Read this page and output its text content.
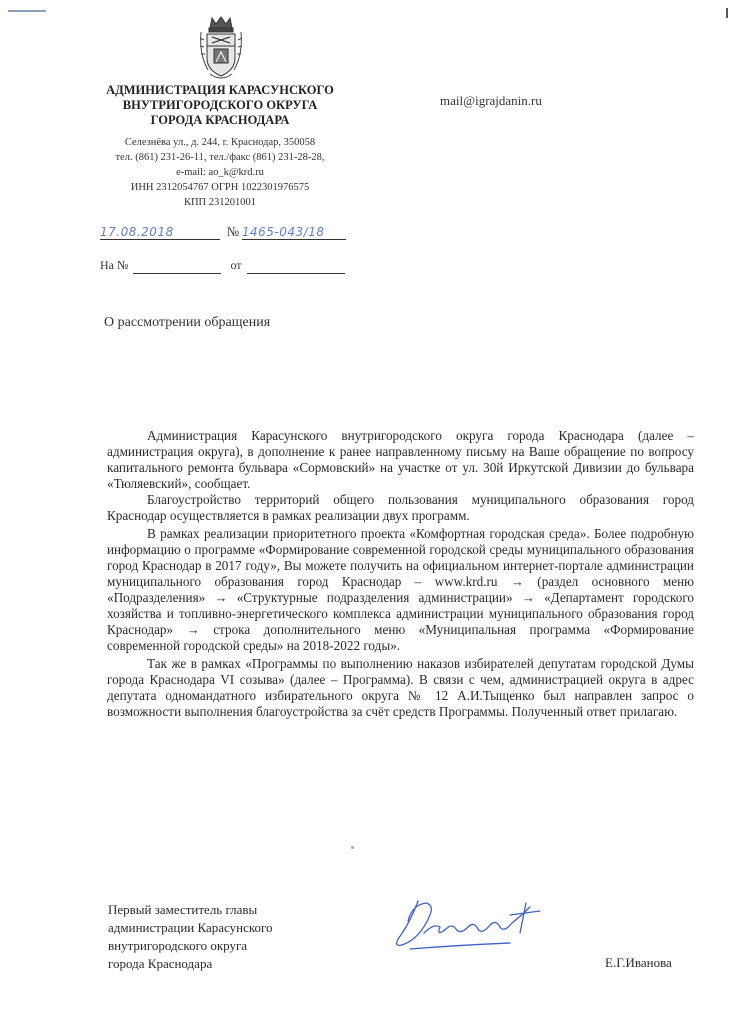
АДМИНИСТРАЦИЯ КАРАСУНСКОГО
ВНУТРИГОРОДСКОГО ОКРУГА
ГОРОДА КРАСНОДАРА
Селезнёва ул., д. 244, г. Краснодар, 350058
тел. (861) 231-26-11, тел./факс (861) 231-28-28,
e-mail: ao_k@krd.ru
ИНН 2312054767 ОГРН 1022301976575
КПП 231201001
mail@igrajdanin.ru
17.08.2018	№ 1465-043/18
На №	от
О рассмотрении обращения

Администрация Карасунского внутригородского округа города Краснодара (далее – администрация округа), в дополнение к ранее направленному письму на Ваше обращение по вопросу капитального ремонта бульвара «Сормовский» на участке от ул. 30й Иркутской Дивизии до бульвара «Тюляевский», сообщает.

Благоустройство территорий общего пользования муниципального образования город Краснодар осуществляется в рамках реализации двух программ.

В рамках реализации приоритетного проекта «Комфортная городская среда». Более подробную информацию о программе «Формирование современной городской среды муниципального образования город Краснодар в 2017 году», Вы можете получить на официальном интернет-портале администрации муниципального образования город Краснодар – www.krd.ru → (раздел основного меню «Подразделения» → «Структурные подразделения администрации» → «Департамент городского хозяйства и топливно-энергетического комплекса администрации муниципального образования город Краснодар» → строка дополнительного меню «Муниципальная программа «Формирование современной городской среды» на 2018-2022 годы».

Так же в рамках «Программы по выполнению наказов избирателей депутатам городской Думы города Краснодара VI созыва» (далее – Программа). В связи с чем, администрацией округа в адрес депутата одномандатного избирательного округа № 12 А.И.Тыщенко был направлен запрос о возможности выполнения благоустройства за счёт средств Программы. Полученный ответ прилагаю.

Первый заместитель главы
администрации Карасунского
внутригородского округа
города Краснодара	Е.Г.Иванова
